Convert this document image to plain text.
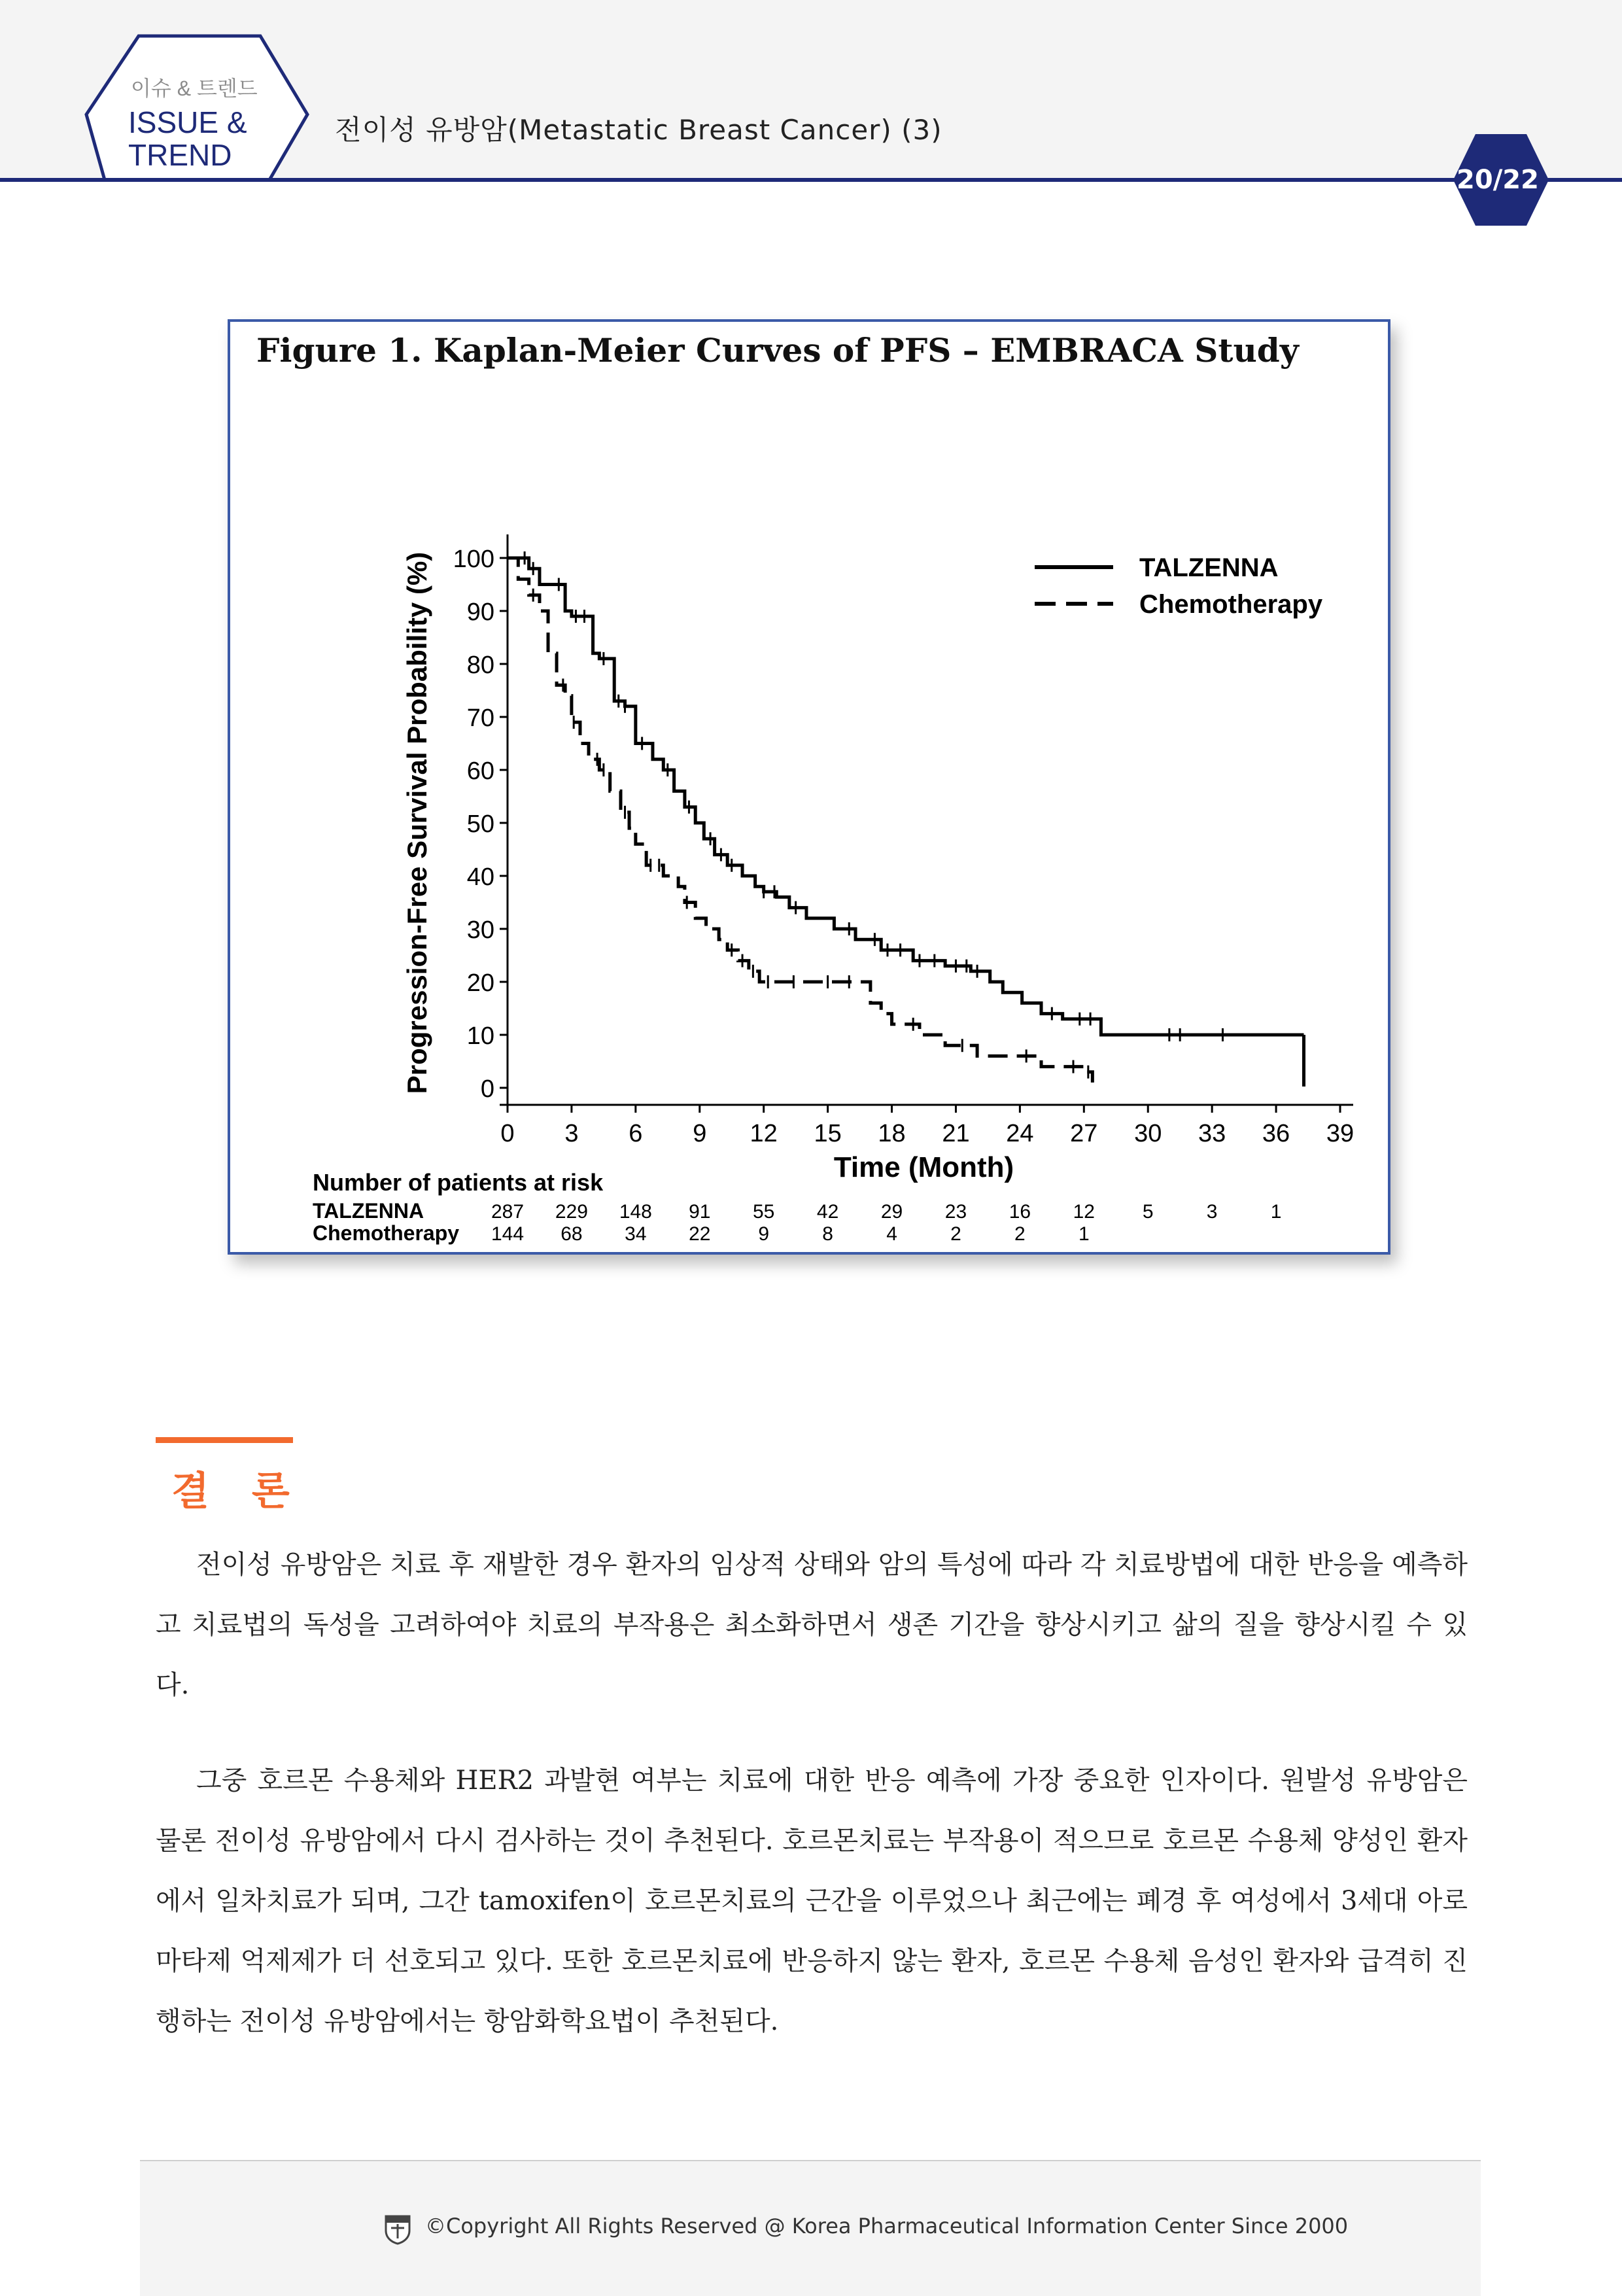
이슈 & 트렌드
ISSUE &
TREND
전이성 유방암(Metastatic Breast Cancer) (3)
20/22
Figure 1. Kaplan-Meier Curves of PFS – EMBRACA Study
0
10
20
30
40
50
60
70
80
90
100
0 3 6 9 12 15 18 21 24 27 30 33 36 39
Time (Month)
Progression-Free Survival Probability (%)	TALZENNA
Chemotherapy
Number of patients at risk
TALZENNA	287 229 148 91 55 42 29 23 16 12 5	3	1
Chemotherapy 144 68 34 22 9	8	4	2	2	1
결 론

전이성 유방암은 치료 후 재발한 경우 환자의 임상적 상태와 암의 특성에 따라 각 치료방법에 대한 반응을 예측하고 치료법의 독성을 고려하여야 치료의 부작용은 최소화하면서 생존 기간을 향상시키고 삶의 질을 향상시킬 수 있다.

그중 호르몬 수용체와 HER2 과발현 여부는 치료에 대한 반응 예측에 가장 중요한 인자이다. 원발성 유방암은 물론 전이성 유방암에서 다시 검사하는 것이 추천된다. 호르몬치료는 부작용이 적으므로 호르몬 수용체 양성인 환자에서 일차치료가 되며, 그간 tamoxifen이 호르몬치료의 근간을 이루었으나 최근에는 폐경 후 여성에서 3세대 아로마타제 억제제가 더 선호되고 있다. 또한 호르몬치료에 반응하지 않는 환자, 호르몬 수용체 음성인 환자와 급격히 진행하는 전이성 유방암에서는 항암화학요법이 추천된다.

©Copyright All Rights Reserved @ Korea Pharmaceutical Information Center Since 2000
